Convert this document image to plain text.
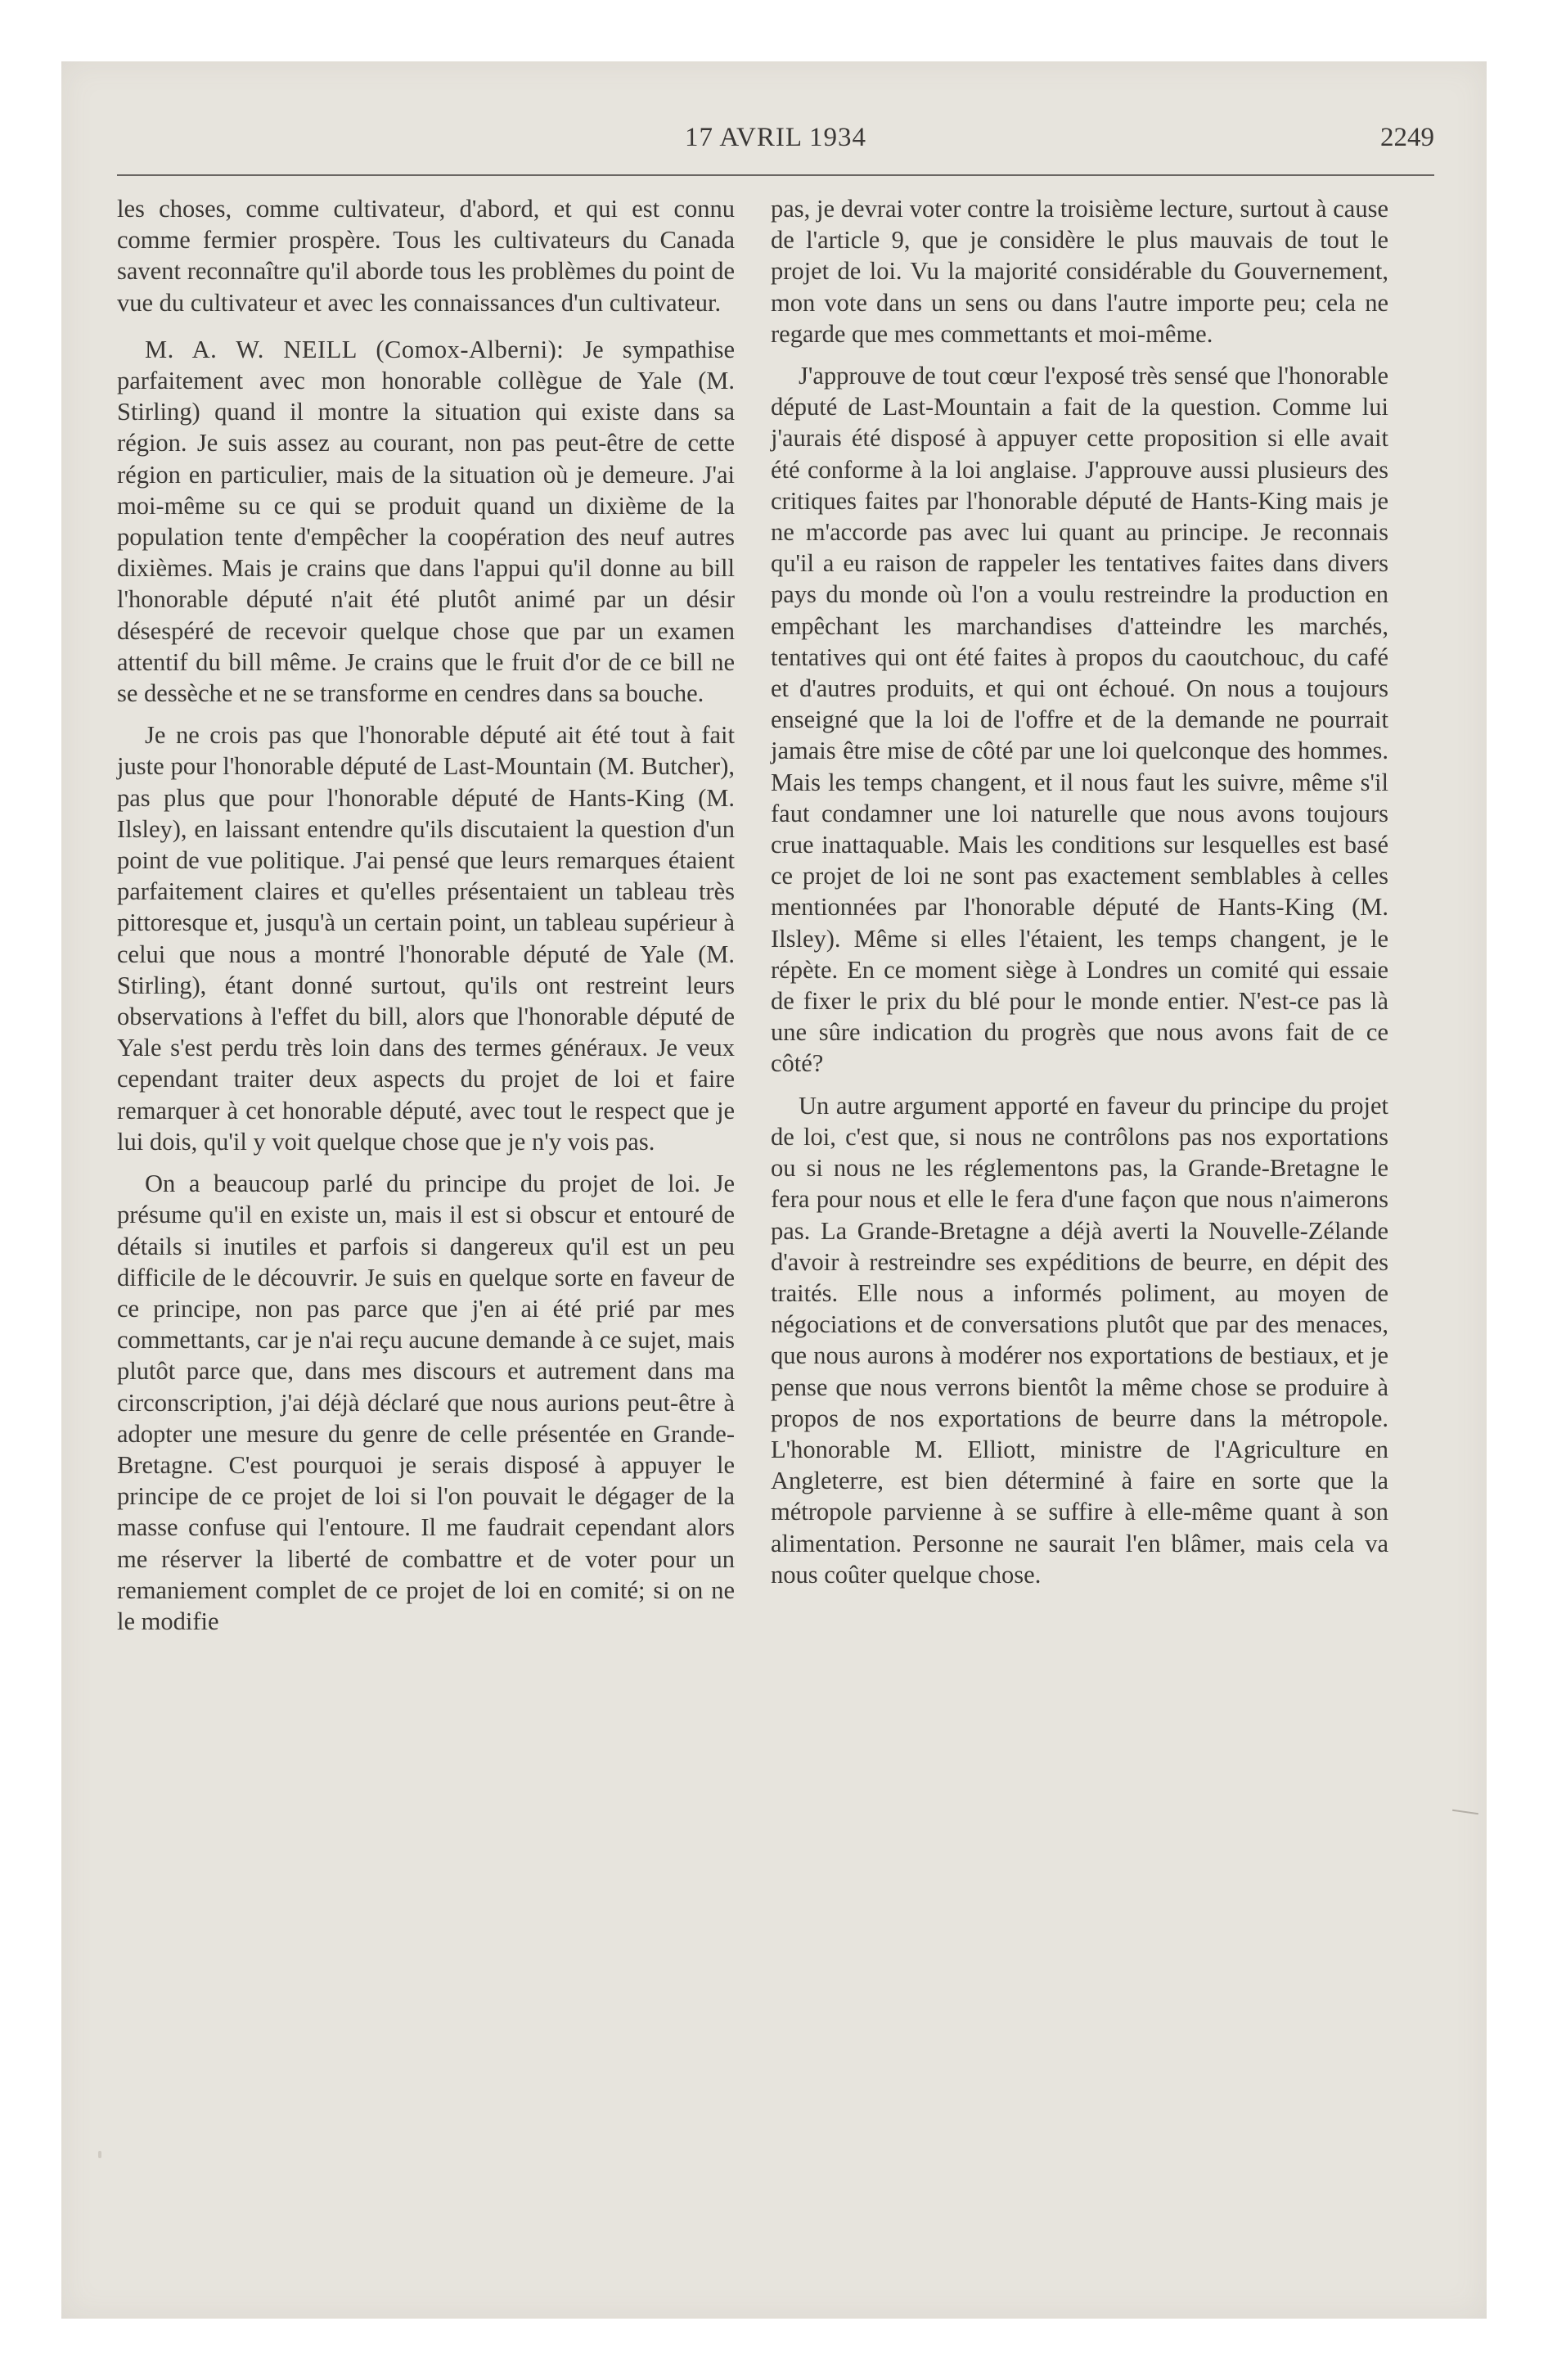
17 AVRIL 1934	2249

les choses, comme cultivateur, d'abord, et qui est connu comme fermier prospère. Tous les cultivateurs du Canada savent reconnaître qu'il aborde tous les problèmes du point de vue du cultivateur et avec les connaissances d'un cultivateur.

M. A. W. NEILL (Comox-Alberni): Je sympathise parfaitement avec mon honorable collègue de Yale (M. Stirling) quand il montre la situation qui existe dans sa région. Je suis assez au courant, non pas peut-être de cette région en particulier, mais de la situation où je demeure. J'ai moi-même su ce qui se produit quand un dixième de la population tente d'empêcher la coopération des neuf autres dixièmes. Mais je crains que dans l'appui qu'il donne au bill l'honorable député n'ait été plutôt animé par un désir désespéré de recevoir quelque chose que par un examen attentif du bill même. Je crains que le fruit d'or de ce bill ne se dessèche et ne se transforme en cendres dans sa bouche.

Je ne crois pas que l'honorable député ait été tout à fait juste pour l'honorable député de Last-Mountain (M. Butcher), pas plus que pour l'honorable député de Hants-King (M. Ilsley), en laissant entendre qu'ils discutaient la question d'un point de vue politique. J'ai pensé que leurs remarques étaient parfaitement claires et qu'elles présentaient un tableau très pittoresque et, jusqu'à un certain point, un tableau supérieur à celui que nous a montré l'honorable député de Yale (M. Stirling), étant donné surtout, qu'ils ont restreint leurs observations à l'effet du bill, alors que l'honorable député de Yale s'est perdu très loin dans des termes généraux. Je veux cependant traiter deux aspects du projet de loi et faire remarquer à cet honorable député, avec tout le respect que je lui dois, qu'il y voit quelque chose que je n'y vois pas.

On a beaucoup parlé du principe du projet de loi. Je présume qu'il en existe un, mais il est si obscur et entouré de détails si inutiles et parfois si dangereux qu'il est un peu difficile de le découvrir. Je suis en quelque sorte en faveur de ce principe, non pas parce que j'en ai été prié par mes commettants, car je n'ai reçu aucune demande à ce sujet, mais plutôt parce que, dans mes discours et autrement dans ma circonscription, j'ai déjà déclaré que nous aurions peut-être à adopter une mesure du genre de celle présentée en Grande-Bretagne. C'est pourquoi je serais disposé à appuyer le principe de ce projet de loi si l'on pouvait le dégager de la masse confuse qui l'entoure. Il me faudrait cependant alors me réserver la liberté de combattre et de voter pour un remaniement complet de ce projet de loi en comité; si on ne le modifie

pas, je devrai voter contre la troisième lecture, surtout à cause de l'article 9, que je considère le plus mauvais de tout le projet de loi. Vu la majorité considérable du Gouvernement, mon vote dans un sens ou dans l'autre importe peu; cela ne regarde que mes commettants et moi-même.

J'approuve de tout cœur l'exposé très sensé que l'honorable député de Last-Mountain a fait de la question. Comme lui j'aurais été disposé à appuyer cette proposition si elle avait été conforme à la loi anglaise. J'approuve aussi plusieurs des critiques faites par l'honorable député de Hants-King mais je ne m'accorde pas avec lui quant au principe. Je reconnais qu'il a eu raison de rappeler les tentatives faites dans divers pays du monde où l'on a voulu restreindre la production en empêchant les marchandises d'atteindre les marchés, tentatives qui ont été faites à propos du caoutchouc, du café et d'autres produits, et qui ont échoué. On nous a toujours enseigné que la loi de l'offre et de la demande ne pourrait jamais être mise de côté par une loi quelconque des hommes. Mais les temps changent, et il nous faut les suivre, même s'il faut condamner une loi naturelle que nous avons toujours crue inattaquable. Mais les conditions sur lesquelles est basé ce projet de loi ne sont pas exactement semblables à celles mentionnées par l'honorable député de Hants-King (M. Ilsley). Même si elles l'étaient, les temps changent, je le répète. En ce moment siège à Londres un comité qui essaie de fixer le prix du blé pour le monde entier. N'est-ce pas là une sûre indication du progrès que nous avons fait de ce côté?

Un autre argument apporté en faveur du principe du projet de loi, c'est que, si nous ne contrôlons pas nos exportations ou si nous ne les réglementons pas, la Grande-Bretagne le fera pour nous et elle le fera d'une façon que nous n'aimerons pas. La Grande-Bretagne a déjà averti la Nouvelle-Zélande d'avoir à restreindre ses expéditions de beurre, en dépit des traités. Elle nous a informés poliment, au moyen de négociations et de conversations plutôt que par des menaces, que nous aurons à modérer nos exportations de bestiaux, et je pense que nous verrons bientôt la même chose se produire à propos de nos exportations de beurre dans la métropole. L'honorable M. Elliott, ministre de l'Agriculture en Angleterre, est bien déterminé à faire en sorte que la métropole parvienne à se suffire à elle-même quant à son alimentation. Personne ne saurait l'en blâmer, mais cela va nous coûter quelque chose.
